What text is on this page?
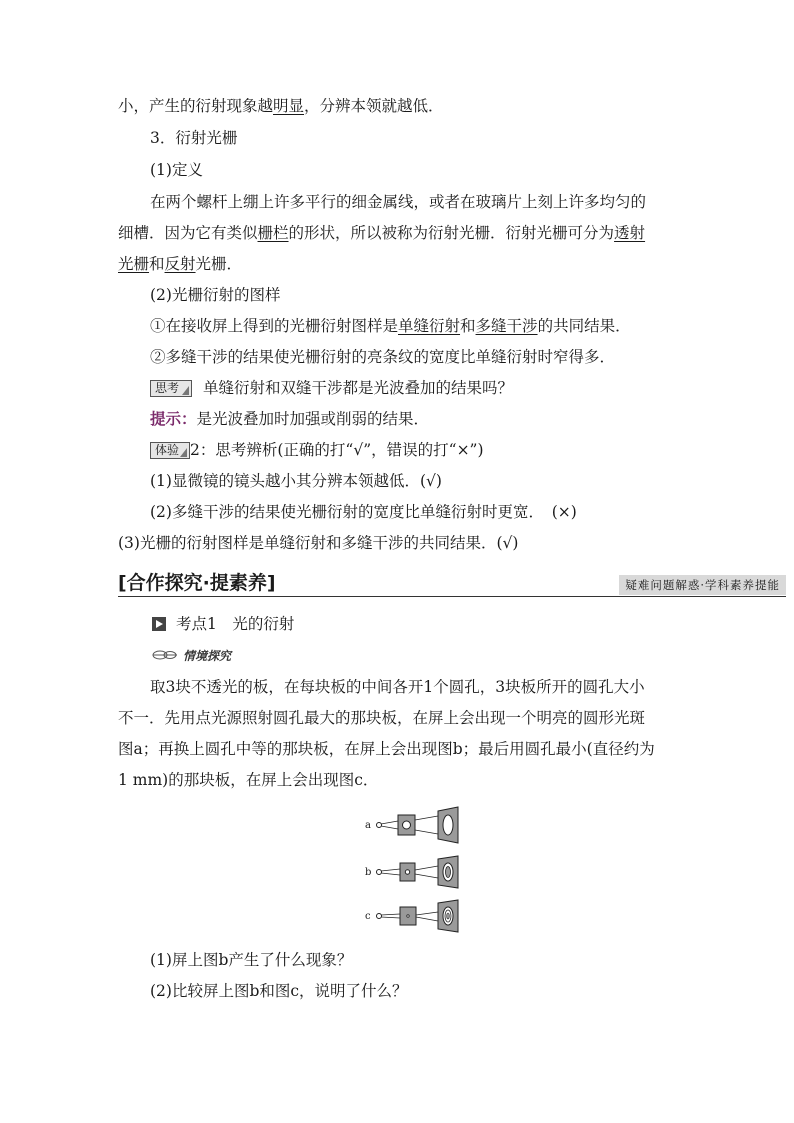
小，产生的衍射现象越明显，分辨本领就越低．
3．衍射光栅
(1)定义
在两个螺杆上绷上许多平行的细金属线，或者在玻璃片上刻上许多均匀的
细槽．因为它有类似栅栏的形状，所以被称为衍射光栅．衍射光栅可分为透射
光栅和反射光栅．
(2)光栅衍射的图样
①在接收屏上得到的光栅衍射图样是单缝衍射和多缝干涉的共同结果．
②多缝干涉的结果使光栅衍射的亮条纹的宽度比单缝衍射时窄得多．
思考 单缝衍射和双缝干涉都是光波叠加的结果吗？
提示：是光波叠加时加强或削弱的结果．
体验 2：思考辨析(正确的打“√”，错误的打“×”)
(1)显微镜的镜头越小其分辨本领越低．(√)
(2)多缝干涉的结果使光栅衍射的宽度比单缝衍射时更宽．　(×)
(3)光栅的衍射图样是单缝衍射和多缝干涉的共同结果．(√)
[合作探究·提素养]	疑难问题解惑·学科素养提能
考点1　光的衍射
情境探究
取3块不透光的板，在每块板的中间各开1个圆孔，3块板所开的圆孔大小
不一．先用点光源照射圆孔最大的那块板，在屏上会出现一个明亮的圆形光斑
图a；再换上圆孔中等的那块板，在屏上会出现图b；最后用圆孔最小(直径约为
1 mm)的那块板，在屏上会出现图c．
a
b
c
(1)屏上图b产生了什么现象？
(2)比较屏上图b和图c，说明了什么？
